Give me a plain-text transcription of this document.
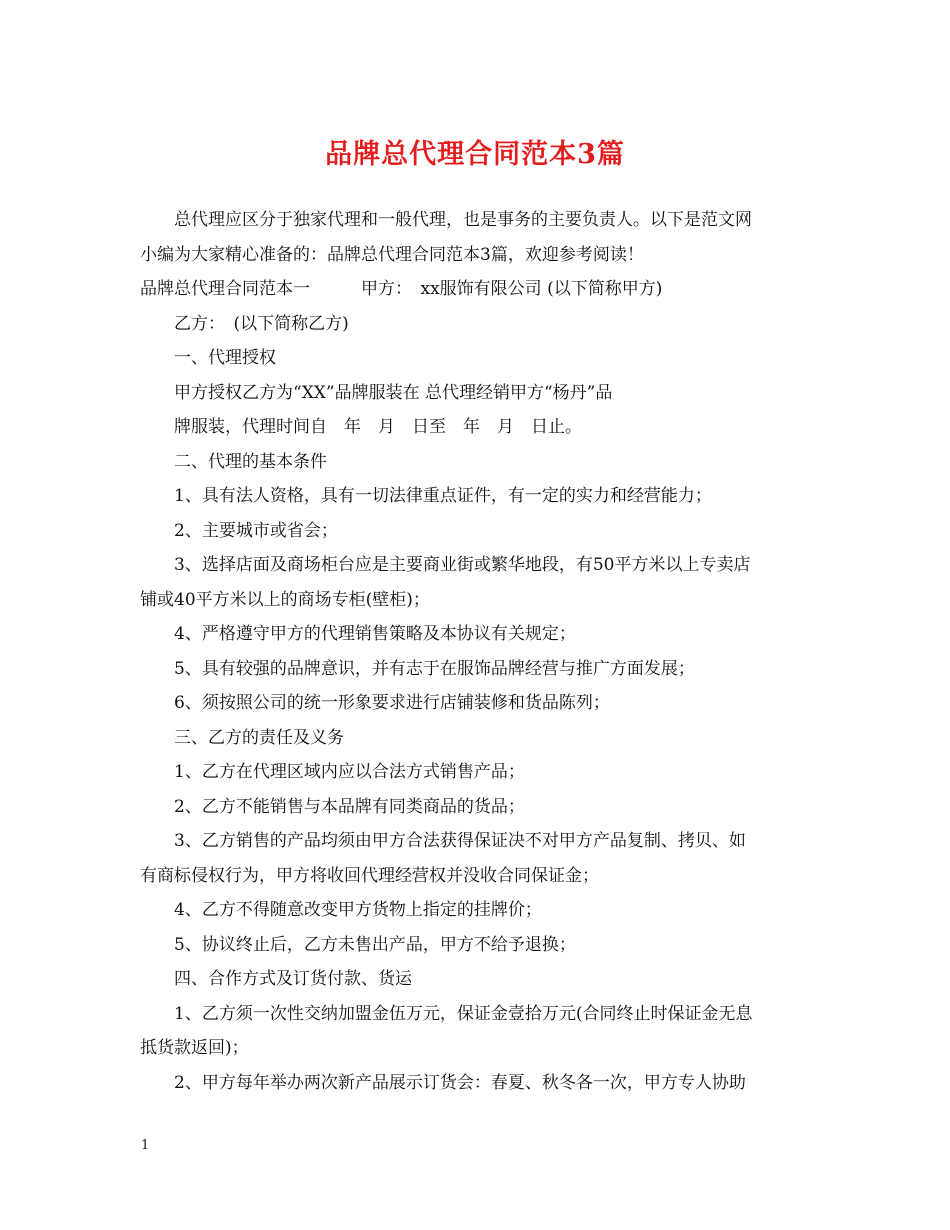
品牌总代理合同范本3篇

总代理应区分于独家代理和一般代理，也是事务的主要负责人。以下是范文网

小编为大家精心准备的：品牌总代理合同范本3篇，欢迎参考阅读！

品牌总代理合同范本一　　　甲方：　xx服饰有限公司 (以下简称甲方)

乙方：　(以下简称乙方)

一、代理授权

甲方授权乙方为“XX”品牌服装在 总代理经销甲方“杨丹”品

牌服装，代理时间自　年　月　日至　年　月　日止。

二、代理的基本条件

1、具有法人资格，具有一切法律重点证件，有一定的实力和经营能力；

2、主要城市或省会；

3、选择店面及商场柜台应是主要商业街或繁华地段，有50平方米以上专卖店

铺或40平方米以上的商场专柜(壁柜)；

4、严格遵守甲方的代理销售策略及本协议有关规定；

5、具有较强的品牌意识，并有志于在服饰品牌经营与推广方面发展；

6、须按照公司的统一形象要求进行店铺装修和货品陈列；

三、乙方的责任及义务

1、乙方在代理区域内应以合法方式销售产品；

2、乙方不能销售与本品牌有同类商品的货品；

3、乙方销售的产品均须由甲方合法获得保证决不对甲方产品复制、拷贝、如

有商标侵权行为，甲方将收回代理经营权并没收合同保证金；

4、乙方不得随意改变甲方货物上指定的挂牌价；

5、协议终止后，乙方未售出产品，甲方不给予退换；

四、合作方式及订货付款、货运

1、乙方须一次性交纳加盟金伍万元，保证金壹拾万元(合同终止时保证金无息

抵货款返回)；

2、甲方每年举办两次新产品展示订货会：春夏、秋冬各一次，甲方专人协助

1
